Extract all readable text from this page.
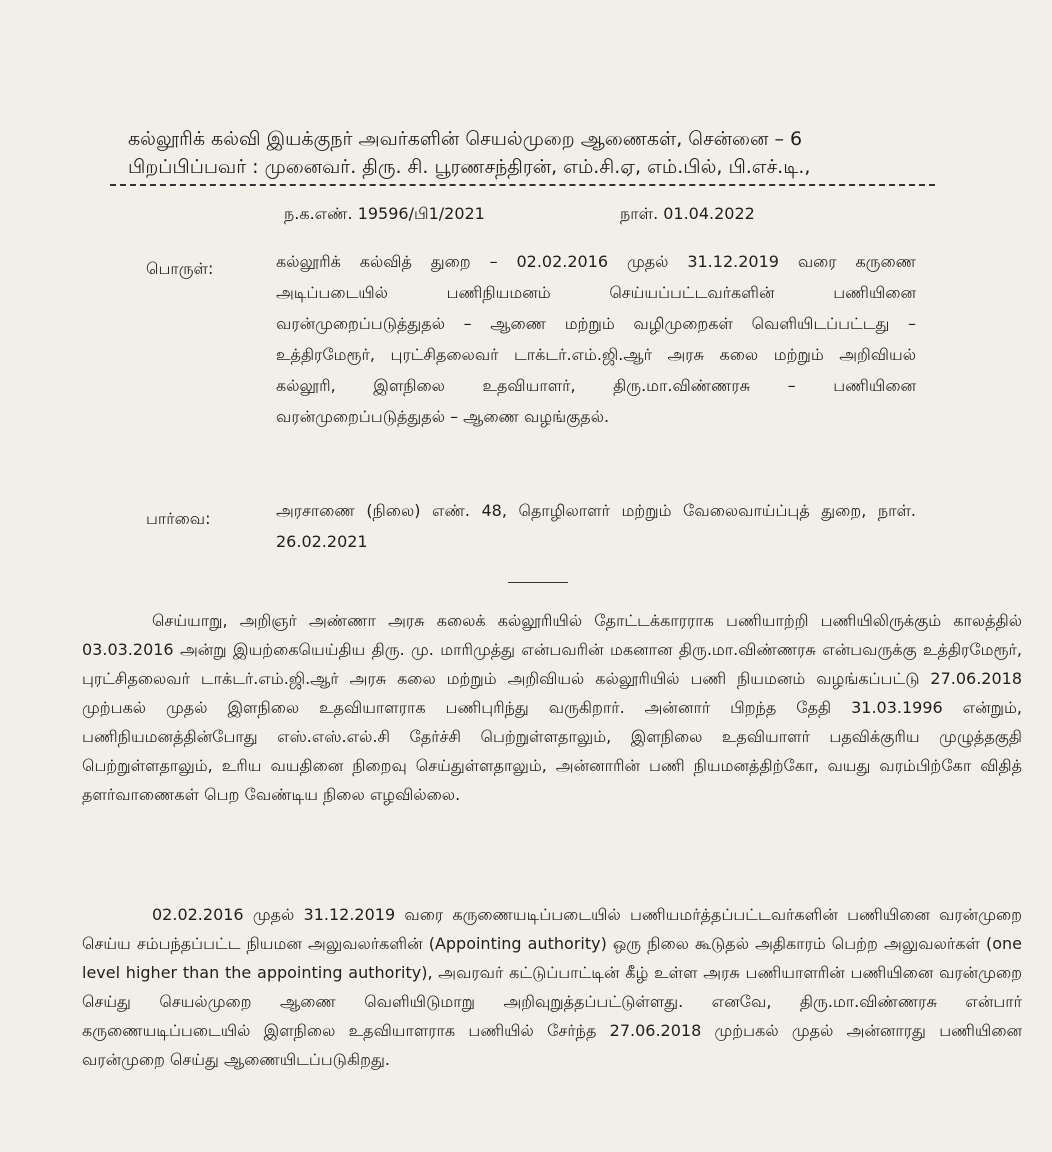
கல்லூரிக் கல்வி இயக்குநர் அவர்களின் செயல்முறை ஆணைகள், சென்னை – 6
பிறப்பிப்பவர் : முனைவர். திரு. சி. பூரணசந்திரன், எம்.சி.ஏ, எம்.பில், பி.எச்.டி.,
ந.க.எண். 19596/பி1/2021	நாள். 01.04.2022
பொருள்:	கல்லூரிக் கல்வித் துறை – 02.02.2016 முதல் 31.12.2019 வரை கருணை அடிப்படையில் பணிநியமனம் செய்யப்பட்டவர்களின் பணியினை வரன்முறைப்படுத்துதல் – ஆணை மற்றும் வழிமுறைகள் வெளியிடப்பட்டது – உத்திரமேரூர், புரட்சிதலைவர் டாக்டர்.எம்.ஜி.ஆர் அரசு கலை மற்றும் அறிவியல் கல்லூரி, இளநிலை உதவியாளர், திரு.மா.விண்ணரசு – பணியினை வரன்முறைப்படுத்துதல் – ஆணை வழங்குதல்.
பார்வை:	அரசாணை (நிலை) எண். 48, தொழிலாளர் மற்றும் வேலைவாய்ப்புத் துறை, நாள். 26.02.2021
செய்யாறு, அறிஞர் அண்ணா அரசு கலைக் கல்லூரியில் தோட்டக்காரராக பணியாற்றி பணியிலிருக்கும் காலத்தில் 03.03.2016 அன்று இயற்கையெய்திய திரு. மு. மாரிமுத்து என்பவரின் மகனான திரு.மா.விண்ணரசு என்பவருக்கு உத்திரமேரூர், புரட்சிதலைவர் டாக்டர்.எம்.ஜி.ஆர் அரசு கலை மற்றும் அறிவியல் கல்லூரியில் பணி நியமனம் வழங்கப்பட்டு 27.06.2018 முற்பகல் முதல் இளநிலை உதவியாளராக பணிபுரிந்து வருகிறார். அன்னார் பிறந்த தேதி 31.03.1996 என்றும், பணிநியமனத்தின்போது எஸ்.எஸ்.எல்.சி தேர்ச்சி பெற்றுள்ளதாலும், இளநிலை உதவியாளர் பதவிக்குரிய முழுத்தகுதி பெற்றுள்ளதாலும், உரிய வயதினை நிறைவு செய்துள்ளதாலும், அன்னாரின் பணி நியமனத்திற்கோ, வயது வரம்பிற்கோ விதித் தளர்வாணைகள் பெற வேண்டிய நிலை எழவில்லை.
02.02.2016 முதல் 31.12.2019 வரை கருணையடிப்படையில் பணியமர்த்தப்பட்டவர்களின் பணியினை வரன்முறை செய்ய சம்பந்தப்பட்ட நியமன அலுவலர்களின் (Appointing authority) ஒரு நிலை கூடுதல் அதிகாரம் பெற்ற அலுவலர்கள் (one level higher than the appointing authority), அவரவர் கட்டுப்பாட்டின் கீழ் உள்ள அரசு பணியாளரின் பணியினை வரன்முறை செய்து செயல்முறை ஆணை வெளியிடுமாறு அறிவுறுத்தப்பட்டுள்ளது. எனவே, திரு.மா.விண்ணரசு என்பார் கருணையடிப்படையில் இளநிலை உதவியாளராக பணியில் சேர்ந்த 27.06.2018 முற்பகல் முதல் அன்னாரது பணியினை வரன்முறை செய்து ஆணையிடப்படுகிறது.
